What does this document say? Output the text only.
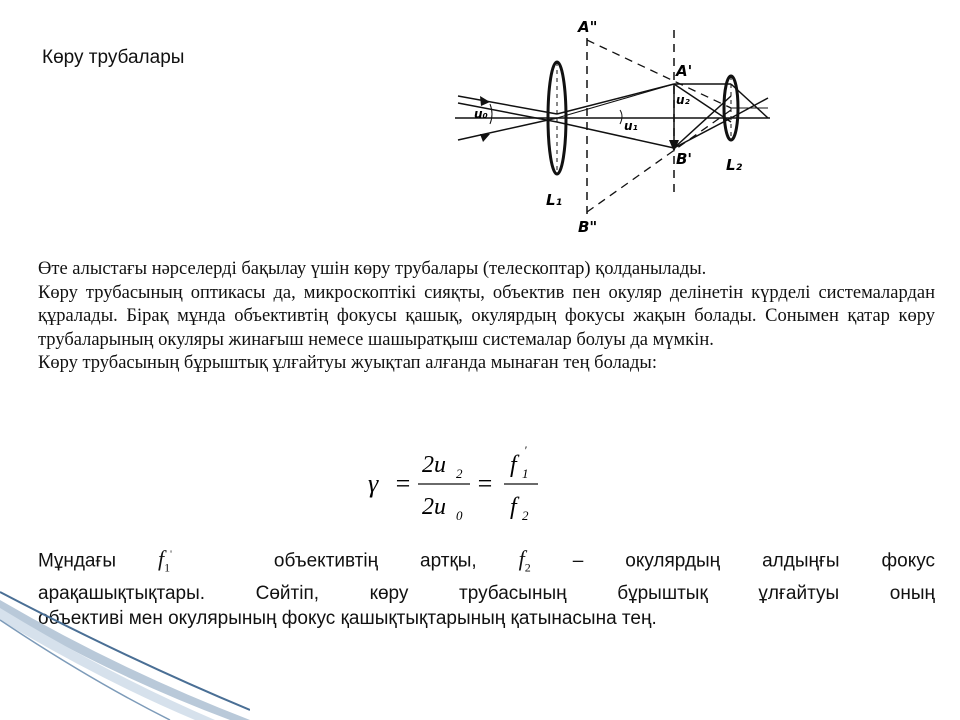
Көру трубалары
A"
A'
B'
B"
u₀
u₁
u₂
L₁
L₂

Өте алыстағы нәрселерді бақылау үшін көру трубалары (телескоптар) қолданылады.

Көру трубасының оптикасы да, микроскоптікі сияқты, объектив пен окуляр делінетін күрделі системалардан құралады. Бірақ мұнда объективтің фокусы қашық, окулярдың фокусы жақын болады. Сонымен қатар көру трубаларының окуляры жинағыш немесе шашыратқыш системалар болуы да мүмкін.

Көру трубасының бұрыштық ұлғайтуы жуықтап алғанда мынаған тең болады:

γ =
2u 2
2u 0
=
f 1
'
f 2
Мұндағы $f_1'$	объективтің артқы, $f_2$ – окулярдың алдыңғы фокус
арақашықтықтары. Сөйтіп, көру трубасының бұрыштық ұлғайтуы оның
объективі мен окулярының фокус қашықтықтарының қатынасына тең.
